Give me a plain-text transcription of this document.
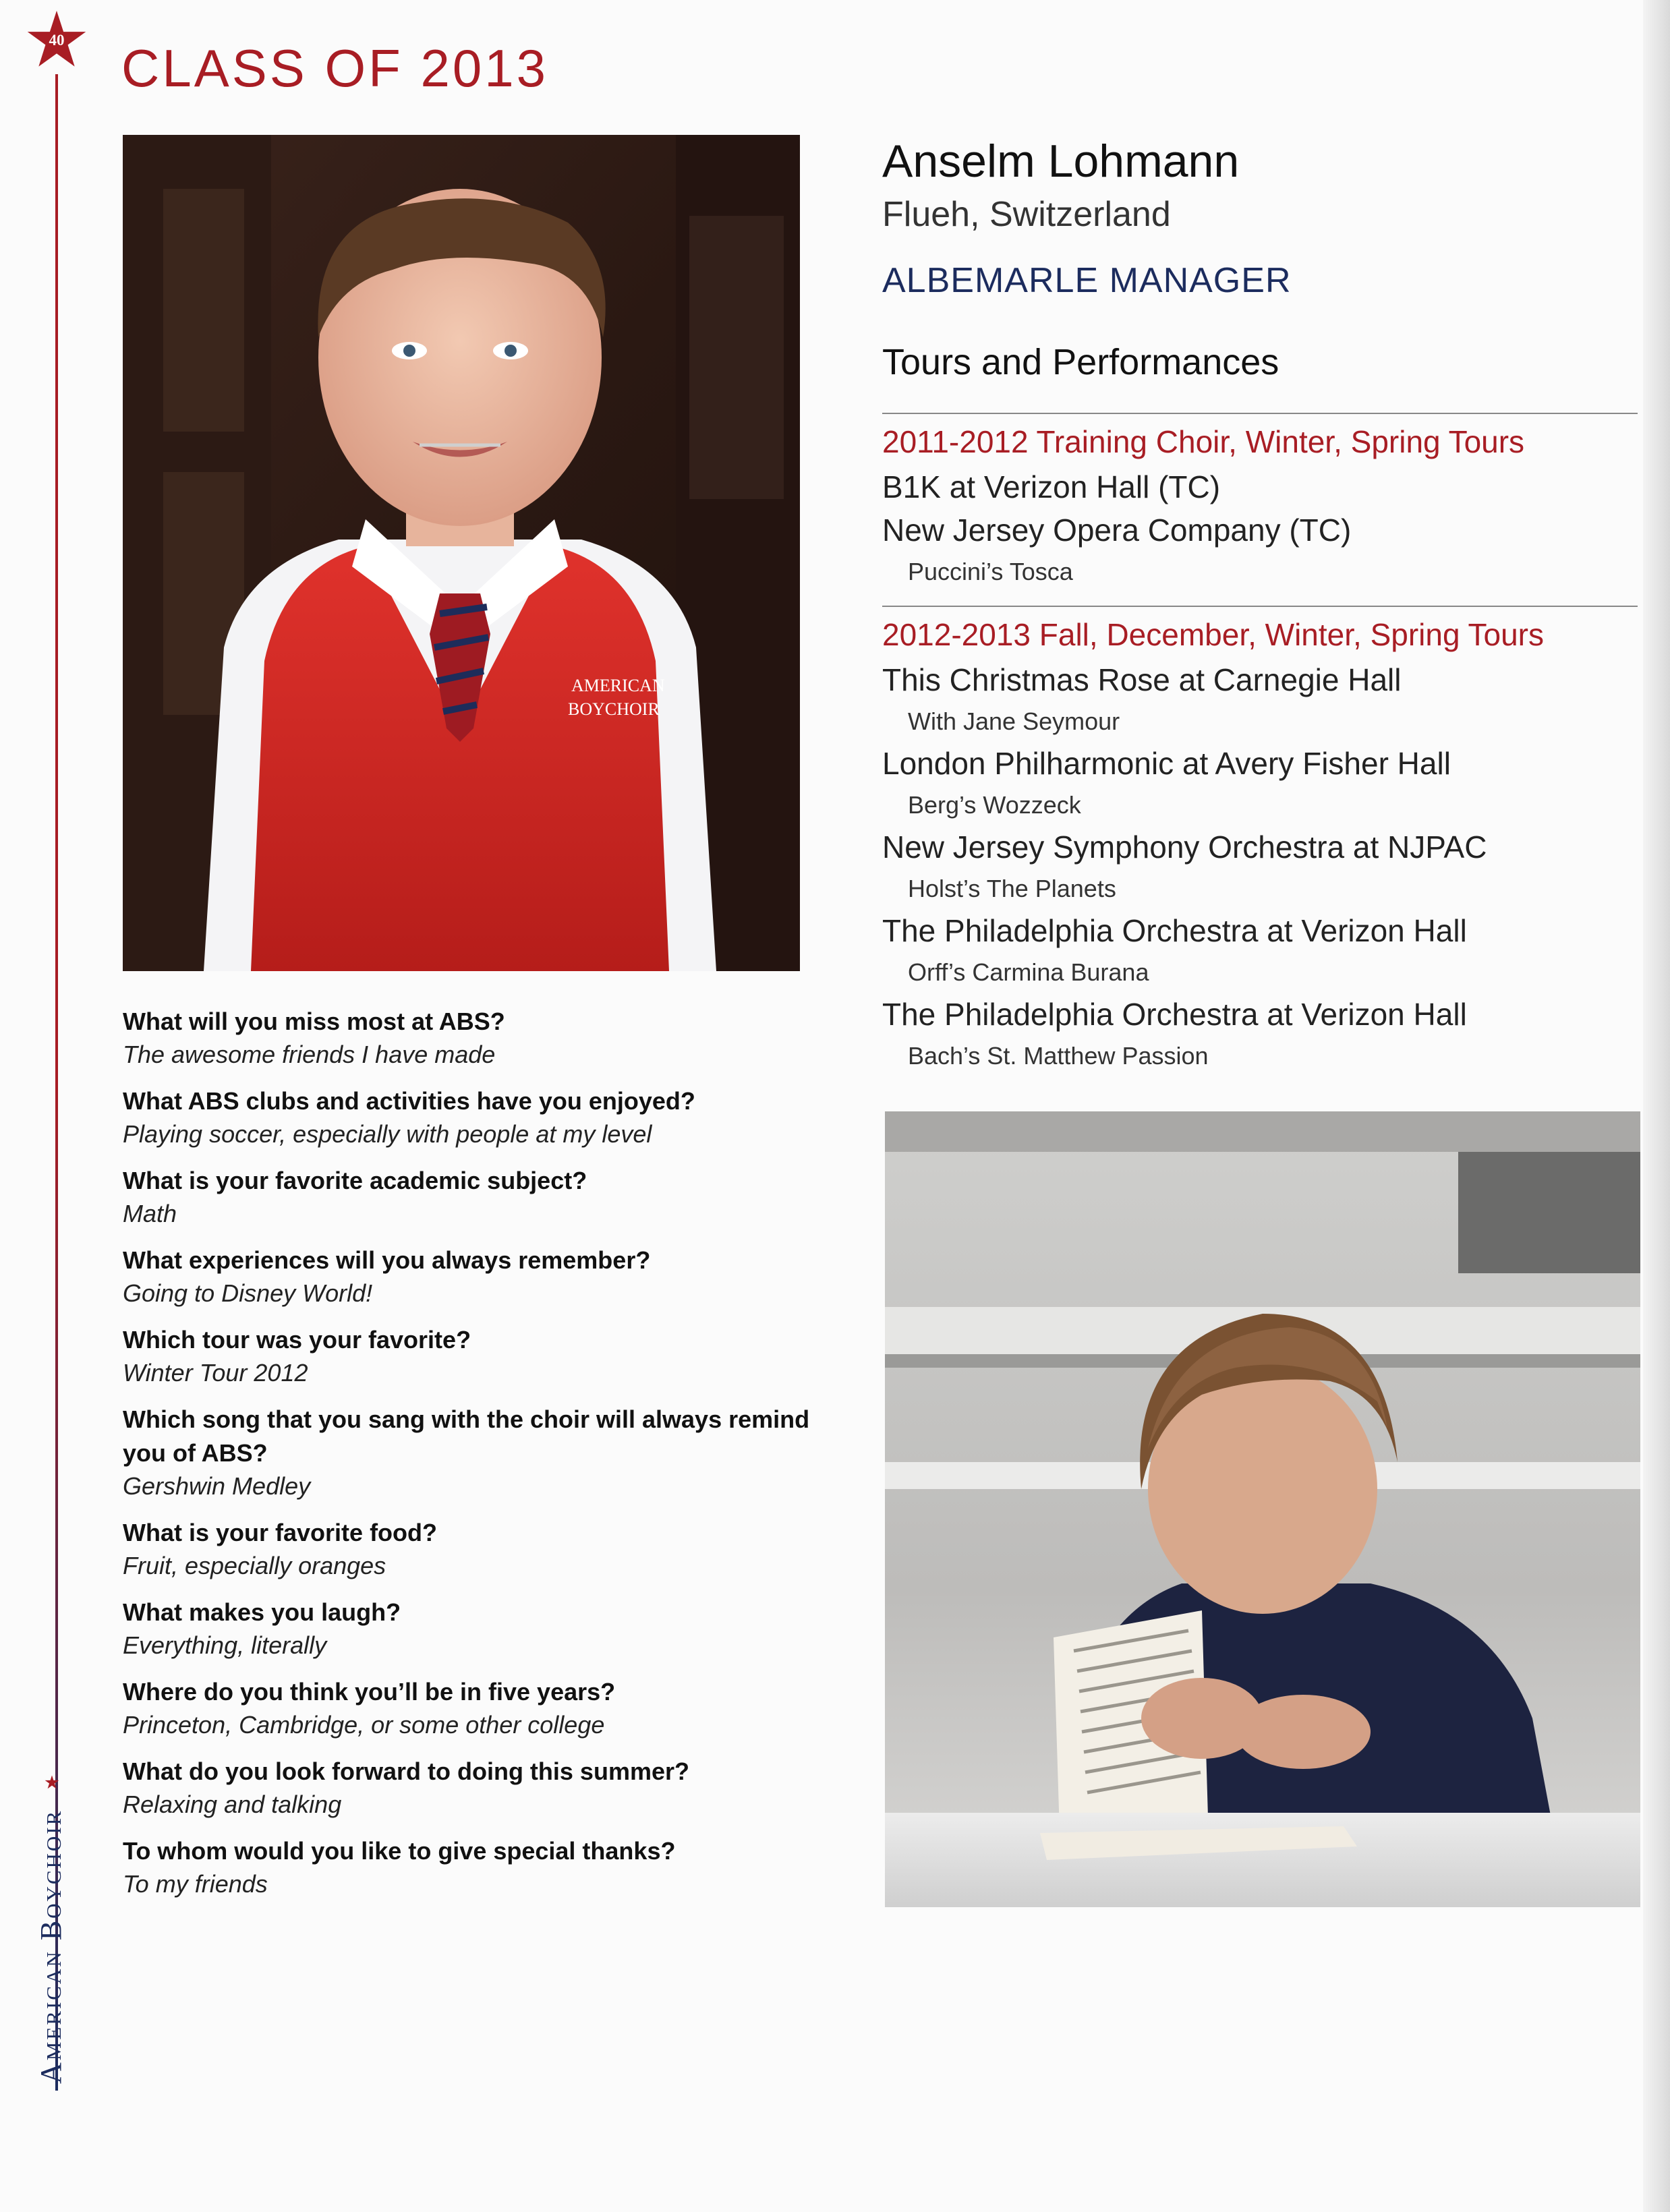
40	CLASS OF 2013
AMERICAN
BOYCHOIR
What will you miss most at ABS?
The awesome friends I have made
What ABS clubs and activities have you enjoyed?
Playing soccer, especially with people at my level
What is your favorite academic subject?
Math
What experiences will you always remember?
Going to Disney World!
Which tour was your favorite?
Winter Tour 2012
Which song that you sang with the choir will always remind you of ABS?
Gershwin Medley
What is your favorite food?
Fruit, especially oranges
What makes you laugh?
Everything, literally
Where do you think you’ll be in five years?
Princeton, Cambridge, or some other college
What do you look forward to doing this summer?
Relaxing and talking
To whom would you like to give special thanks?
To my friends
Anselm Lohmann
Flueh, Switzerland
ALBEMARLE MANAGER
Tours and Performances
2011-2012 Training Choir, Winter, Spring Tours
B1K at Verizon Hall (TC)
New Jersey Opera Company (TC)
Puccini’s Tosca
2012-2013 Fall, December, Winter, Spring Tours
This Christmas Rose at Carnegie Hall
With Jane Seymour
London Philharmonic at Avery Fisher Hall
Berg’s Wozzeck
New Jersey Symphony Orchestra at NJPAC
Holst’s The Planets
The Philadelphia Orchestra at Verizon Hall
Orff’s Carmina Burana
The Philadelphia Orchestra at Verizon Hall
Bach’s St. Matthew Passion
American Boychoir
